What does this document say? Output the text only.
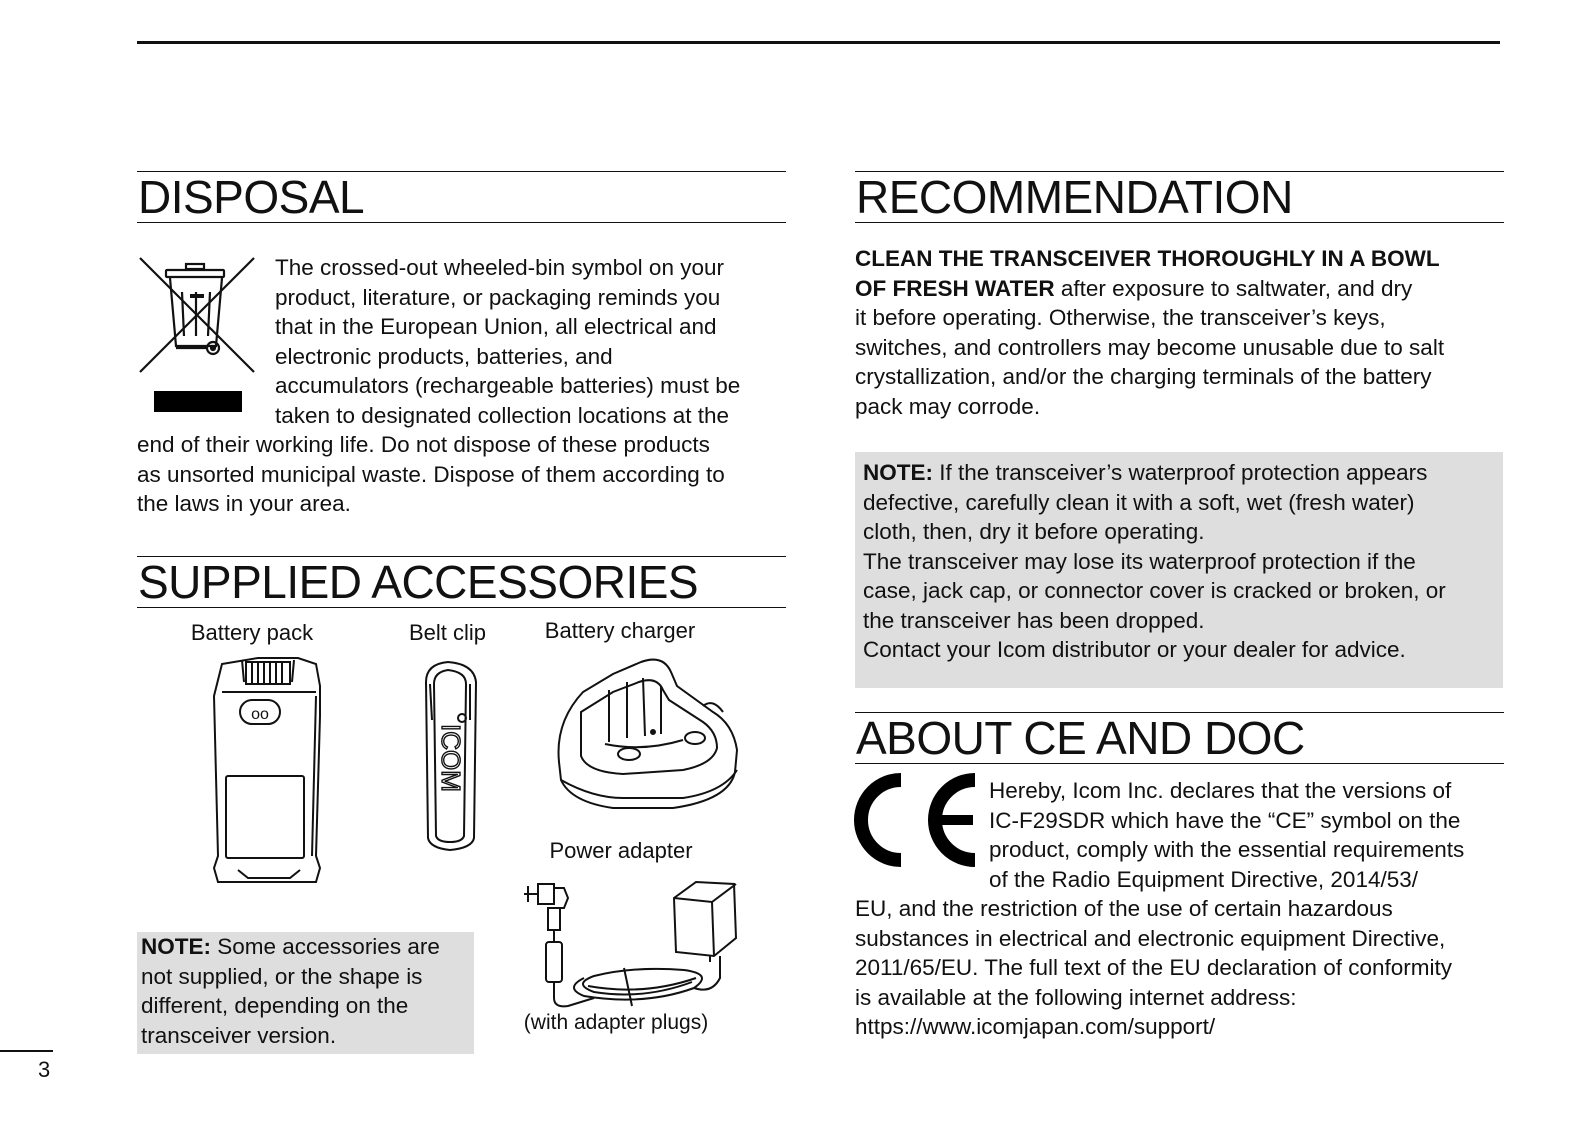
DISPOSAL
The crossed-out wheeled-bin symbol on your
product, literature, or packaging reminds you
that in the European Union, all electrical and
electronic products, batteries, and
accumulators (rechargeable batteries) must be
taken to designated collection locations at the
end of their working life. Do not dispose of these products
as unsorted municipal waste. Dispose of them according to
the laws in your area.
SUPPLIED ACCESSORIES
Battery pack	Belt clip	Battery charger
oo
ICOM
Power adapter
(with adapter plugs)
NOTE: Some accessories are
not supplied, or the shape is
different, depending on the
transceiver version.
RECOMMENDATION
CLEAN THE TRANSCEIVER THOROUGHLY IN A BOWL
OF FRESH WATER after exposure to saltwater, and dry
it before operating. Otherwise, the transceiver’s keys,
switches, and controllers may become unusable due to salt
crystallization, and/or the charging terminals of the battery
pack may corrode.
NOTE: If the transceiver’s waterproof protection appears
defective, carefully clean it with a soft, wet (fresh water)
cloth, then, dry it before operating.
The transceiver may lose its waterproof protection if the
case, jack cap, or connector cover is cracked or broken, or
the transceiver has been dropped.
Contact your Icom distributor or your dealer for advice.
ABOUT CE AND DOC
Hereby, Icom Inc. declares that the versions of
IC-F29SDR which have the “CE” symbol on the
product, comply with the essential requirements
of the Radio Equipment Directive, 2014/53/
EU, and the restriction of the use of certain hazardous
substances in electrical and electronic equipment Directive,
2011/65/EU. The full text of the EU declaration of conformity
is available at the following internet address:
https://www.icomjapan.com/support/
3
